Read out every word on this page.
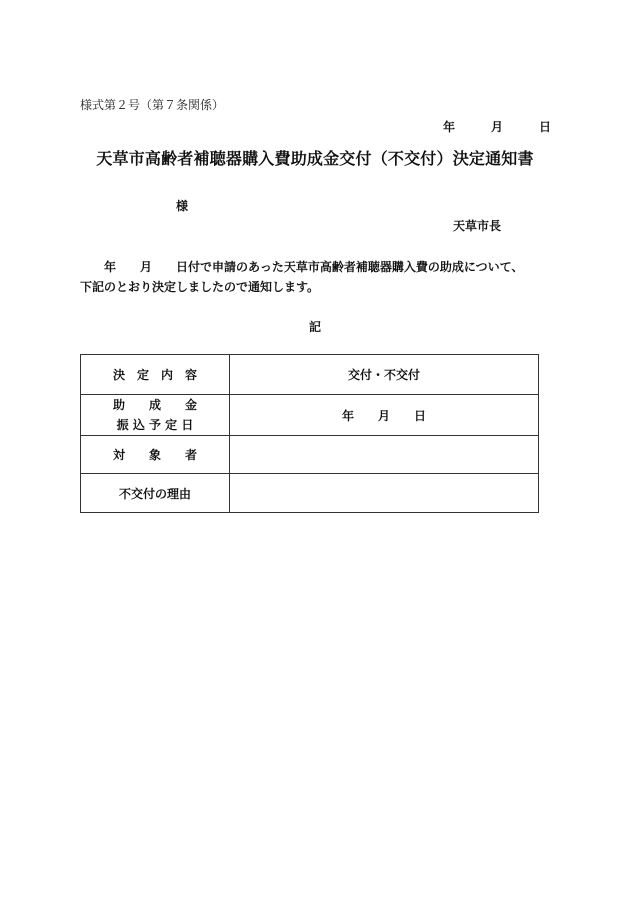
様式第２号（第７条関係）
年　　　月　　　日
天草市高齢者補聴器購入費助成金交付（不交付）決定通知書
様
天草市長
年　　月　　日付で申請のあった天草市高齢者補聴器購入費の助成について、
下記のとおり決定しましたので通知します。
記
決　定　内　容	交付・不交付

助　　成　　金
振 込 予 定 日	年　　月　　日
対　　象　　者	
不交付の理由	
